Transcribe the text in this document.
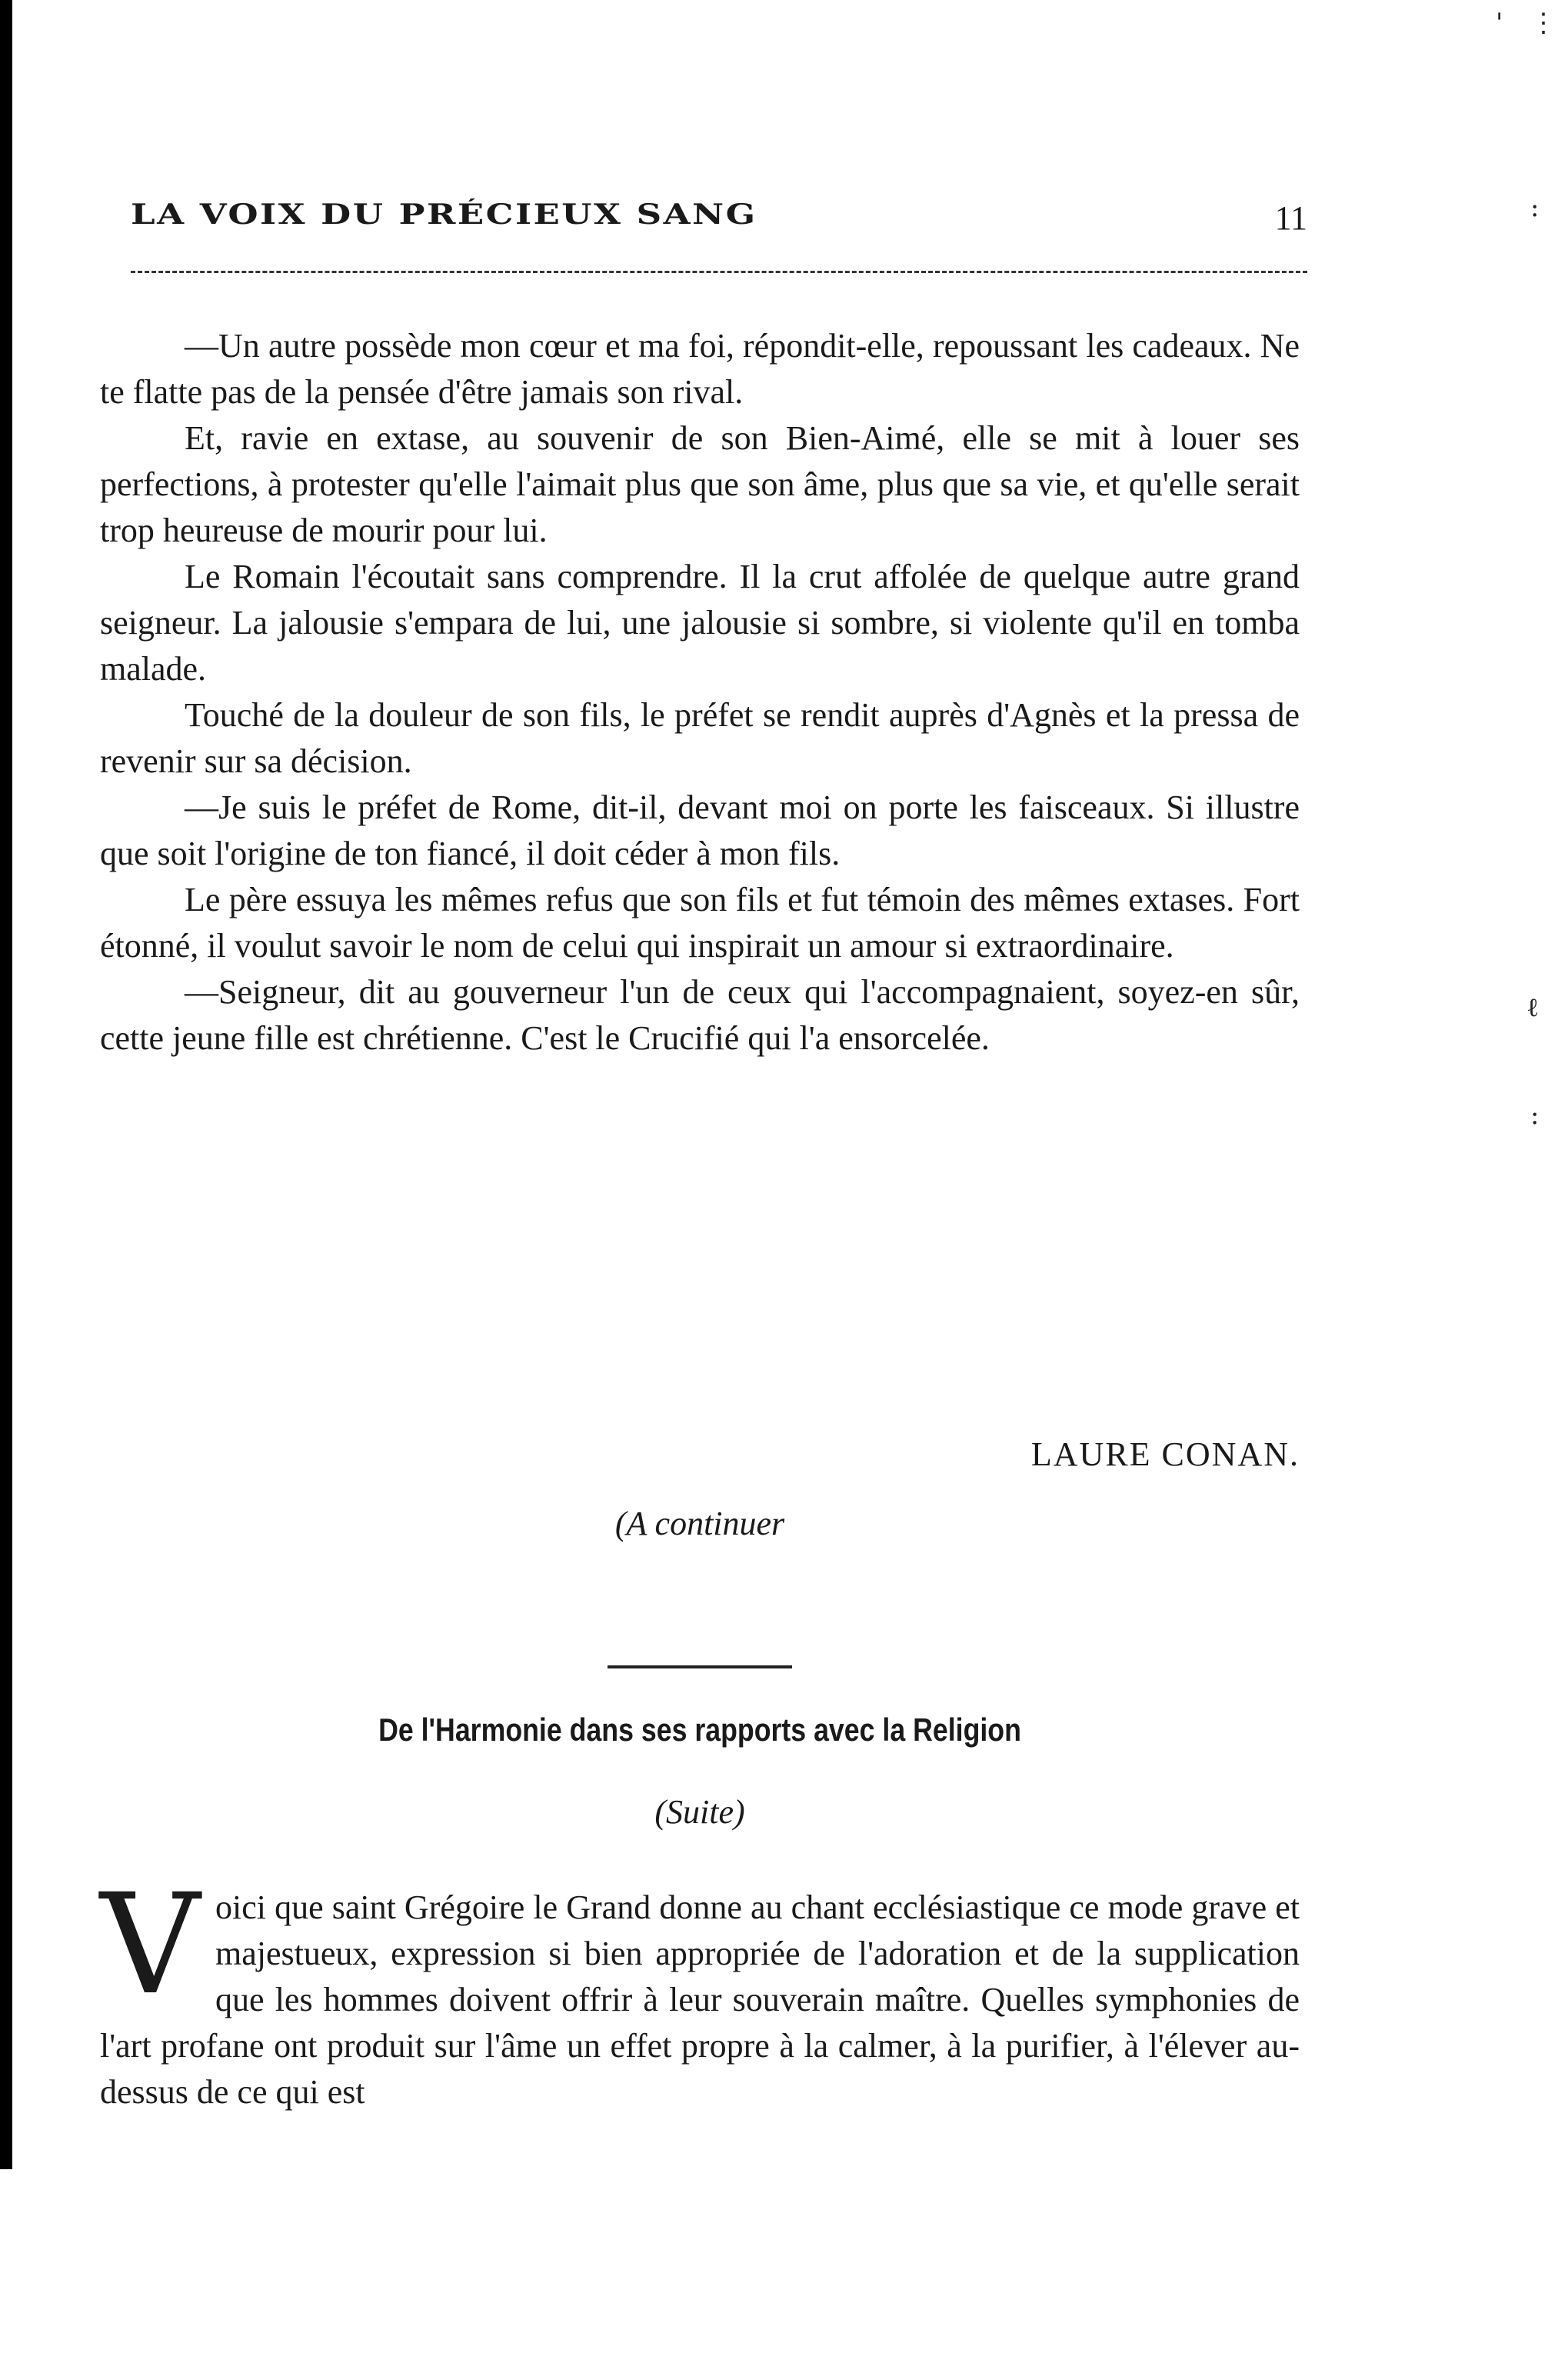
LA VOIX DU PRÉCIEUX SANG	11

—Un autre possède mon cœur et ma foi, répondit-elle, repoussant les cadeaux. Ne te flatte pas de la pensée d'être jamais son rival.

Et, ravie en extase, au souvenir de son Bien-Aimé, elle se mit à louer ses perfections, à protester qu'elle l'aimait plus que son âme, plus que sa vie, et qu'elle serait trop heureuse de mourir pour lui.

Le Romain l'écoutait sans comprendre. Il la crut affolée de quelque autre grand seigneur. La jalousie s'empara de lui, une jalousie si sombre, si violente qu'il en tomba malade.

Touché de la douleur de son fils, le préfet se rendit auprès d'Agnès et la pressa de revenir sur sa décision.

—Je suis le préfet de Rome, dit-il, devant moi on porte les faisceaux. Si illustre que soit l'origine de ton fiancé, il doit céder à mon fils.

Le père essuya les mêmes refus que son fils et fut témoin des mêmes extases. Fort étonné, il voulut savoir le nom de celui qui inspirait un amour si extraordinaire.

—Seigneur, dit au gouverneur l'un de ceux qui l'accompagnaient, soyez-en sûr, cette jeune fille est chrétienne. C'est le Crucifié qui l'a ensorcelée.

LAURE CONAN.
(A continuer
De l'Harmonie dans ses rapports avec la Religion
(Suite)
V oici que saint Grégoire le Grand donne au chant ecclésiastique ce mode grave et majestueux, expression si bien appropriée de l'adoration et de la supplication que les hommes doivent offrir à leur souverain maître. Quelles symphonies de l'art profane ont produit sur l'âme un effet propre à la calmer, à la purifier, à l'élever au-dessus de ce qui est

' ⋮
:
ℓ
:
